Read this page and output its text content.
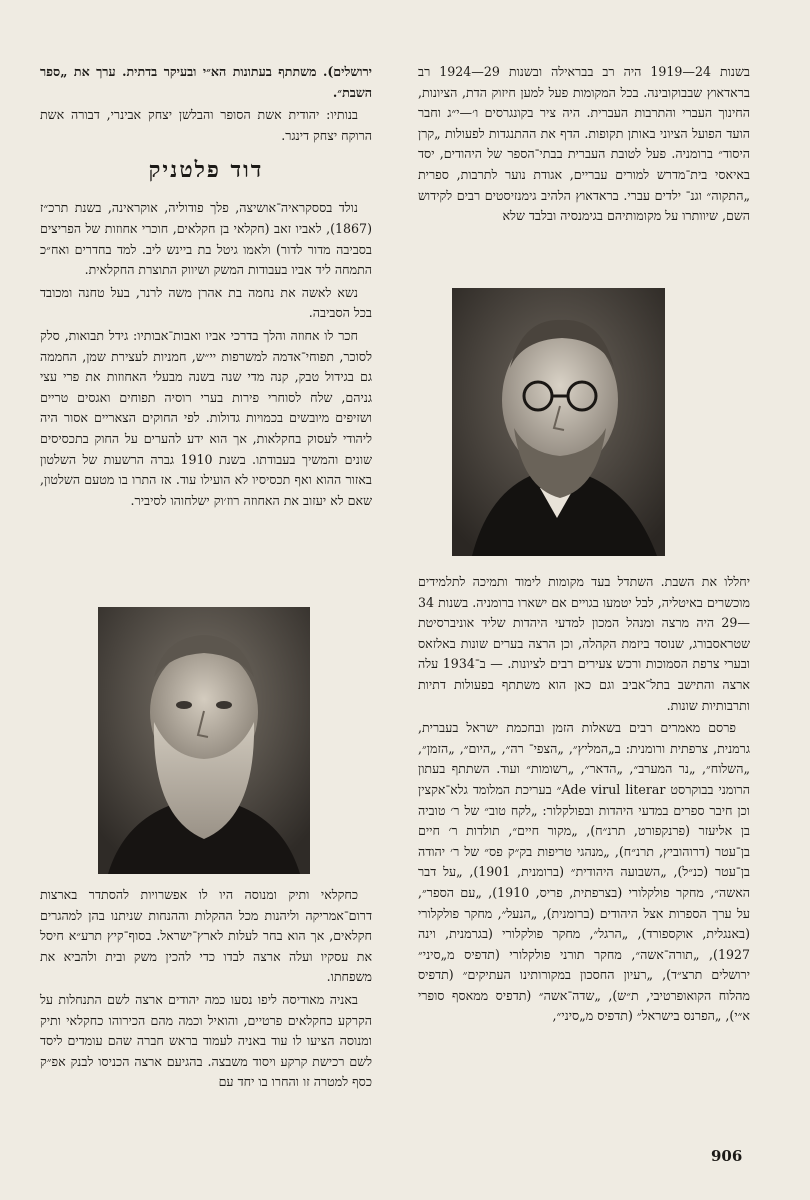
בשנות 24—1919 היה רב בבראילה ובשנות 29—1924 רב בראדאוץ שבבוקובינה. בכל המקומות פעל למען חיזוק הדת, הציונות, החינוך העברי והתרבות העברית. היה ציר בקונגרסים ו׳—י״ג וחבר הועד הפועל הציוני באותן תקופות. הדף את ההתנגדות לפעולות „קרן היסוד״ ברומניה. פעל לטובת העברית בבתי־הספר של היהודים, יסד באיאסי בית־מדרש למורים עבריים, אגודת נוער לתרבות, ספרית „התקוה״ וגנ־ ילדים עברי. בראדאוץ הלהיב גימנזיסטים רבים לקידוש השם, שיוותרו על מקומותיהם בגימנסיה ובלבד שלא

יחללו את השבת. השתדל בעד מקומות לימוד ותמיכה לתלמידים מוכשרים באיטליה, לבל יטמעו בגויים אם ישארו ברומניה. בשנות 34—29 היה מרצה ומנהל המכון למדעי היהדות שליד אוניברסיטת שטראסבורג, שנוסד ביזמת הקהלה, וכן הרצה בערים שונות באלזאס ובערי צרפת הסמוכות ורכש צעירים רבים לציונות. — ב־1934 עלה ארצה והתישב בתל־אביב וגם כאן הוא משתתף בפעולות דתיות ותרבותיות שונות.

פרסם מאמרים רבים בשאלות הזמן ובחכמת ישראל בעברית, גרמנית, צרפתית ורומנית: ב„המליץ״, „הצפי־ רה״, „היום״, „הזמן״, „השלוח״, „נר המערב״, „הדאר״, „רשומות״ ועוד. השתתף בעתון הרומני בבוקרסט Ade virul literar״ בעריכת המלומד גלא־אקצין וכן חיבר ספרים במדעי היהדות ובפולקלור: „לקח טוב״ של ר׳ טוביה בן אליעזר (פרנקפורט, תרנ״ח), „מקור חיים״, תולדות ר׳ חיים בן־עטר (דרוהוביץ, תרנ״ח), „מנהגי טריפות בק״ק פס״ של ר׳ יהודה בן־עטר (כנ״ל), „השבועה היהודית״ (ברומנית, 1901), „על דבר האשה״, מחקר פולקלורי (בצרפתית, פריס, 1910), „עם הספר״, על ערך הספרות אצל היהודים (ברומנית), „הנעל״, מחקר פולקלורי (באנגלית, אוקספורד), „הרגל״, מחקר פולקלורי (בגרמנית, וינה 1927), „תורה־אשה״, מחקר תורני פולקלורי (תדפיס מ„סיני״ ירושלים תרצ״ד), „רעיון החסכון במקורותינו העתיקים״ (תדפיס מהלוח הקואופרטיבי, ת״ש), „שדה־אשה״ (תדפיס ממאסף סופרי א״י), „הפרנס בישראל״ (תדפיס מ„סיני״,

ירושלים). משתתף בעתונות הא״י ובעיקר בדתית. ערך את „ספר השבת״.

בנותיו: יהודית אשת הסופר והבלשן יצחק אבינרי, דבורה אשת הרוקח יצחק דינגר.

דוד פלטניק

נולד בססקראיה־אושיצה, פלך פודוליה, אוקראינה, בשנת תרכ״ז (1867), לאביו זאב (חקלאי בן חקלאים, חוכרי אחוזות של הפריצים בסביבה מדור לדור) ולאמו גיטל בת ביינש ליב. למד בחדרים ואח״כ התמחה ליד אביו בעבודות המשק ושיווק התוצרת החקלאית.

נשא לאשה את נחמה בת אהרן משה לרנר, בעל טחנה ומכובד בכל הסביבה.

חכר לו אחוזה והלך בדרכי אביו ואבות־אבותיו: גידל תבואות, סלק לסוכר, תפוחי־אדמה למשרפות יי״ש, חמניות לעצירת שמן, החממה גם בגידול טבק, קנה מדי שנה בשנה מבעלי האחוזות את פרי עצי גניהם, שלח לסוחרי פירות בערי רוסיה תפוחים ואגסים טריים ושזיפים מיובשים בכמויות גדולות. לפי החוקים הצאריים אסור היה ליהודי לעסוק בחקלאות, אך הוא ידע להערים על החוק בתכסיסים שונים והמשיך בעבודתו. בשנת 1910 גברה הרשעות של השלטון באזור ההוא ואף תכסיסיו לא הועילו עוד. אז התרו בו מטעם השלטון, שאם לא יעזוב את האחוזה רוז׳וק ישלחוהו לסיביר.

כחקלאי ותיק ומנוסה היו לו אפשרויות להסתדר בארצות דרום־אמריקה וליהנות מכל ההקלות וההנחות שניתנו בהן למהגרים חקלאים, אך הוא בחר לעלות לארץ־ישראל. בסוף־קיץ תרע״א חיסל את עסקיו ועלה ארצה לבדו כדי להכין משק ובית ולהביא את משפחתו.

באניה מאודיסה ליפו נסעו כמה יהודים ארצה לשם התנחלות על הקרקע כחקלאים פרטיים, והואיל וכמה מהם הכירוהו כחקלאי ותיק ומנוסה הציעו לו עוד באניה לעמוד בראש חברה שהם עומדים ליסד לשם רכישת קרקע ויסוד משבצה. בהגיעם ארצה הכניסו לבנק אפ״ק כסף למטרה זו והחרו בו יחד עם

906
